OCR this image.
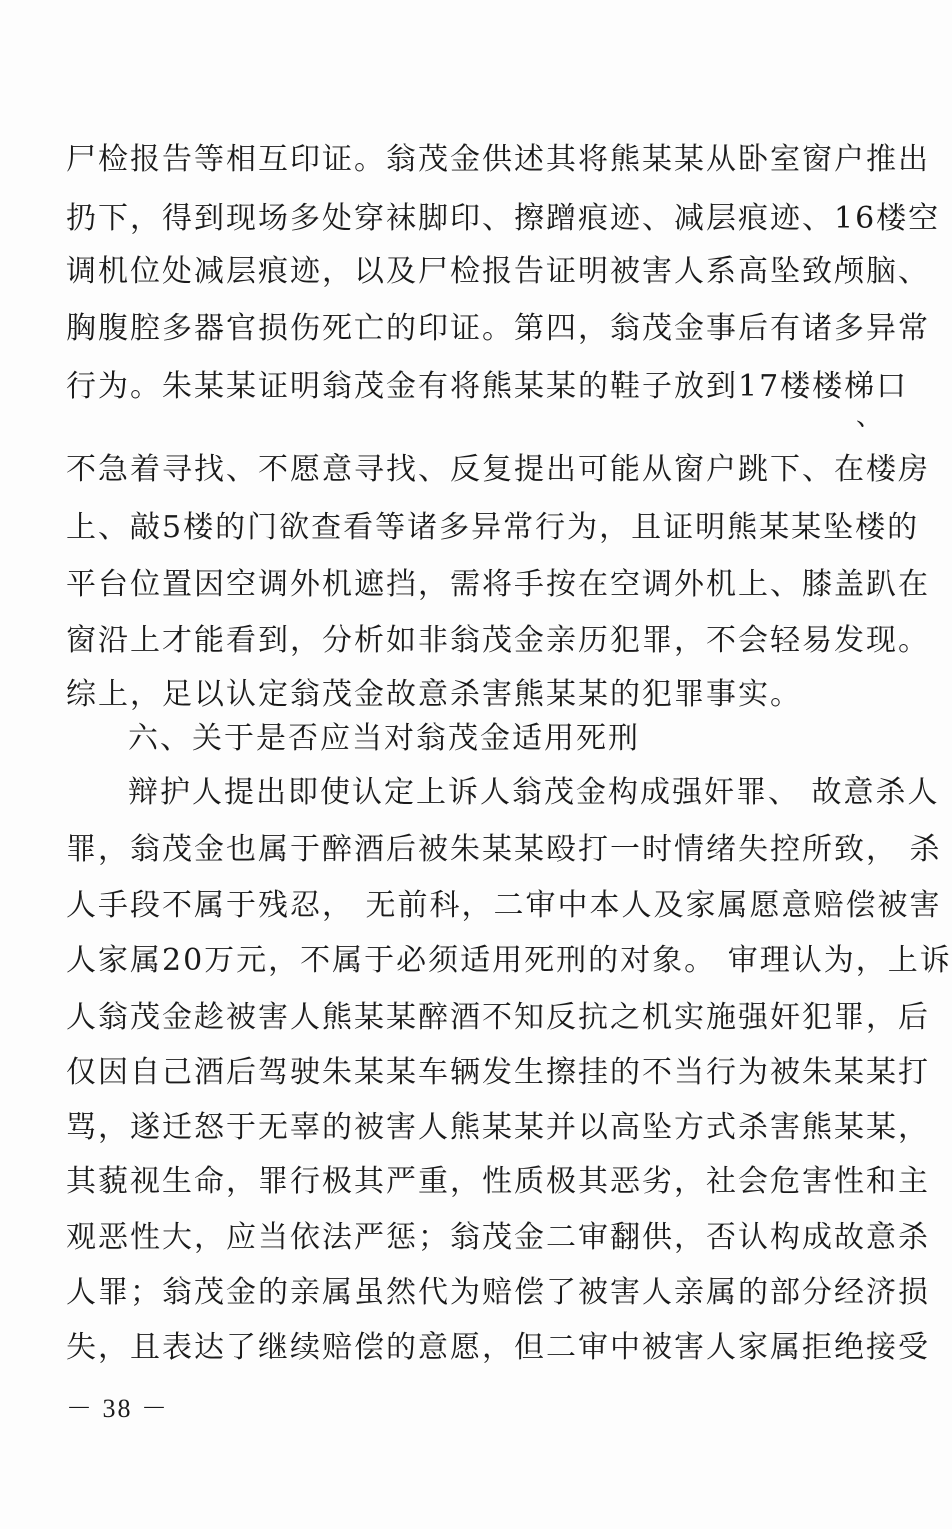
尸检报告等相互印证。翁茂金供述其将熊某某从卧室窗户推出
扔下，得到现场多处穿袜脚印、擦蹭痕迹、减层痕迹、16楼空
调机位处减层痕迹，以及尸检报告证明被害人系高坠致颅脑、
胸腹腔多器官损伤死亡的印证。第四，翁茂金事后有诸多异常
行为。朱某某证明翁茂金有将熊某某的鞋子放到17楼楼梯口
、
不急着寻找、不愿意寻找、反复提出可能从窗户跳下、在楼房
上、敲5楼的门欲查看等诸多异常行为，且证明熊某某坠楼的
平台位置因空调外机遮挡，需将手按在空调外机上、膝盖趴在
窗沿上才能看到，分析如非翁茂金亲历犯罪，不会轻易发现。
综上，足以认定翁茂金故意杀害熊某某的犯罪事实。
六、关于是否应当对翁茂金适用死刑
辩护人提出即使认定上诉人翁茂金构成强奸罪、 故意杀人
罪，翁茂金也属于醉酒后被朱某某殴打一时情绪失控所致， 杀
人手段不属于残忍， 无前科，二审中本人及家属愿意赔偿被害
人家属20万元，不属于必须适用死刑的对象。 审理认为，上诉
人翁茂金趁被害人熊某某醉酒不知反抗之机实施强奸犯罪，后
仅因自己酒后驾驶朱某某车辆发生擦挂的不当行为被朱某某打
骂，遂迁怒于无辜的被害人熊某某并以高坠方式杀害熊某某，
其藐视生命，罪行极其严重，性质极其恶劣，社会危害性和主
观恶性大，应当依法严惩；翁茂金二审翻供，否认构成故意杀
人罪；翁茂金的亲属虽然代为赔偿了被害人亲属的部分经济损
失，且表达了继续赔偿的意愿，但二审中被害人家属拒绝接受
－ 38 －
